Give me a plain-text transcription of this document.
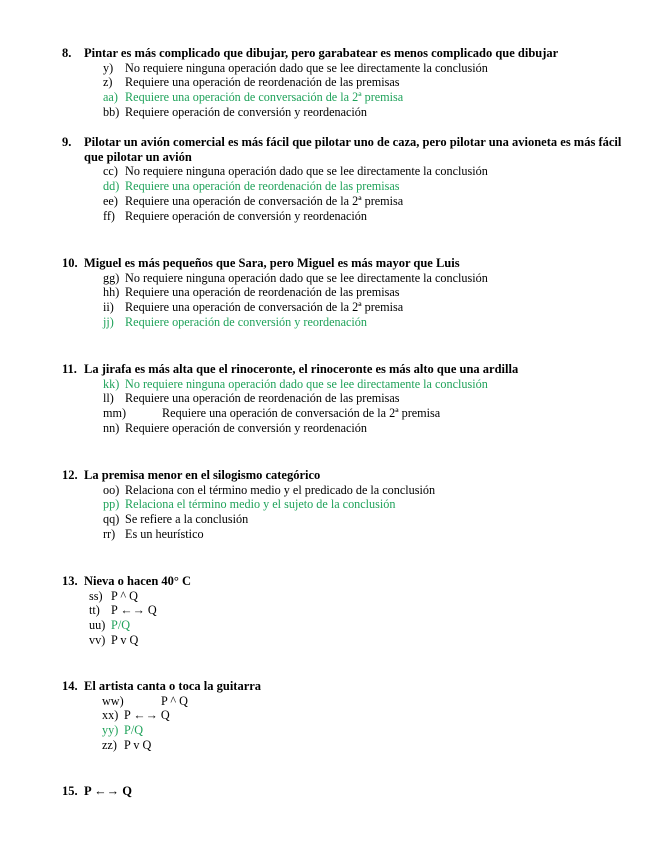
8.	Pintar es más complicado que dibujar, pero garabatear es menos complicado que dibujar
y) No requiere ninguna operación dado que se lee directamente la conclusión
z) Requiere una operación de reordenación de las premisas
aa) Requiere una operación de conversación de la 2ª premisa
bb) Requiere operación de conversión y reordenación
9.	Pilotar un avión comercial es más fácil que pilotar uno de caza, pero pilotar una avioneta es más fácil que pilotar un avión
cc) No requiere ninguna operación dado que se lee directamente la conclusión
dd) Requiere una operación de reordenación de las premisas
ee) Requiere una operación de conversación de la 2ª premisa
ff) Requiere operación de conversión y reordenación
10. Miguel es más pequeños que Sara, pero Miguel es más mayor que Luis
gg) No requiere ninguna operación dado que se lee directamente la conclusión
hh) Requiere una operación de reordenación de las premisas
ii) Requiere una operación de conversación de la 2ª premisa
jj) Requiere operación de conversión y reordenación
11. La jirafa es más alta que el rinoceronte, el rinoceronte es más alto que una ardilla
kk) No requiere ninguna operación dado que se lee directamente la conclusión
ll) Requiere una operación de reordenación de las premisas
mm)	Requiere una operación de conversación de la 2ª premisa
nn) Requiere operación de conversión y reordenación
12. La premisa menor en el silogismo categórico
oo) Relaciona con el término medio y el predicado de la conclusión
pp) Relaciona el término medio y el sujeto de la conclusión
qq) Se refiere a la conclusión
rr) Es un heurístico
13. Nieva o hacen 40° C
ss) P ^ Q
tt) P ←→ Q
uu) P/Q
vv) P v Q
14. El artista canta o toca la guitarra
ww)	P ^ Q
xx) P ←→ Q
yy) P/Q
zz) P v Q
15. P ←→ Q
